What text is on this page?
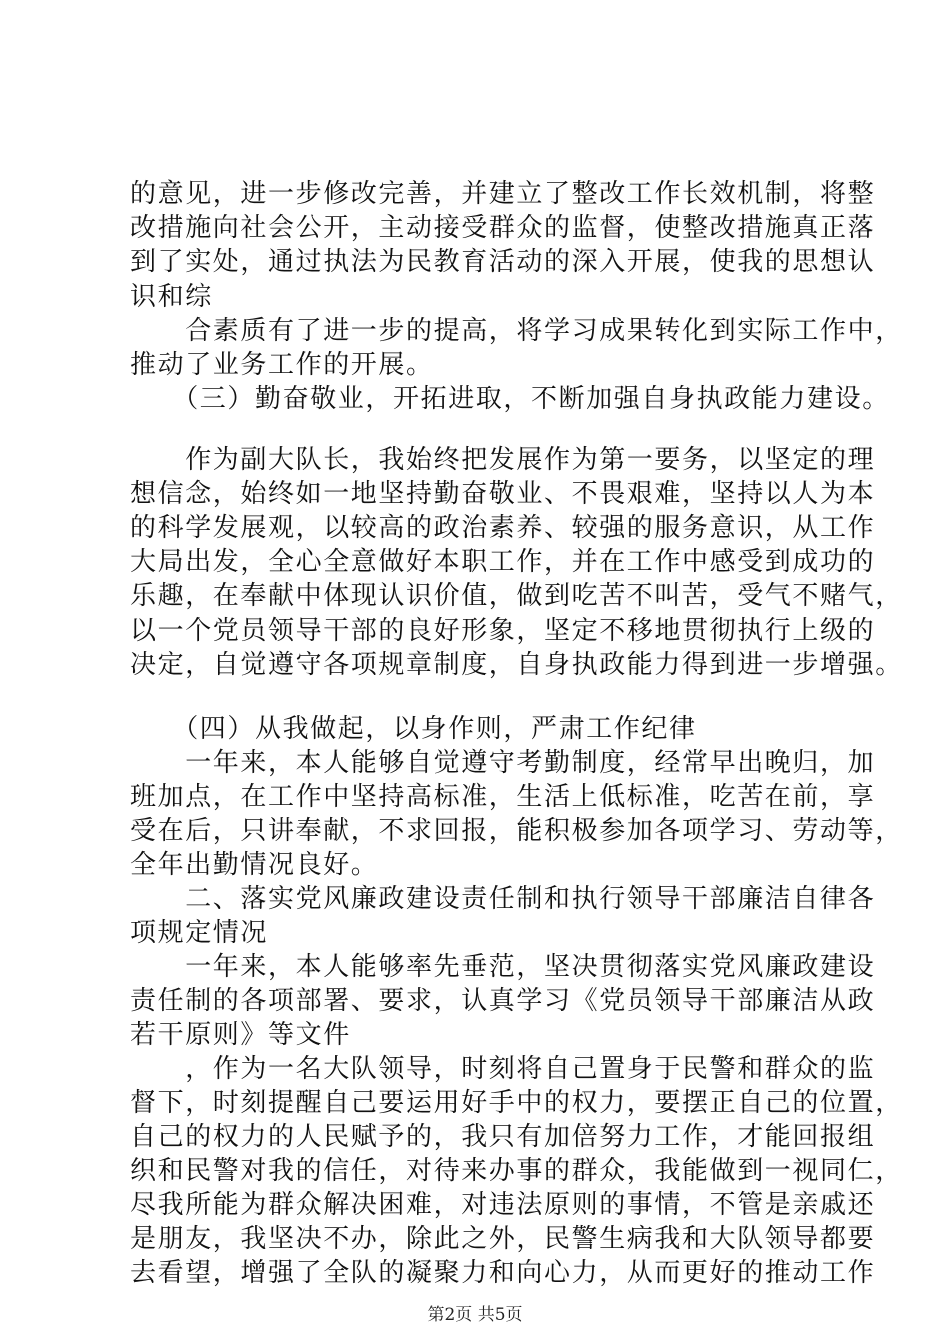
的意见，进一步修改完善，并建立了整改工作长效机制，将整
改措施向社会公开，主动接受群众的监督，使整改措施真正落
到了实处，通过执法为民教育活动的深入开展，使我的思想认
识和综
　　合素质有了进一步的提高，将学习成果转化到实际工作中，
推动了业务工作的开展。
　　（三）勤奋敬业，开拓进取，不断加强自身执政能力建设。
　　作为副大队长，我始终把发展作为第一要务，以坚定的理
想信念，始终如一地坚持勤奋敬业、不畏艰难，坚持以人为本
的科学发展观，以较高的政治素养、较强的服务意识，从工作
大局出发，全心全意做好本职工作，并在工作中感受到成功的
乐趣，在奉献中体现认识价值，做到吃苦不叫苦，受气不赌气，
以一个党员领导干部的良好形象，坚定不移地贯彻执行上级的
决定，自觉遵守各项规章制度，自身执政能力得到进一步增强。
　　（四）从我做起，以身作则，严肃工作纪律
　　一年来，本人能够自觉遵守考勤制度，经常早出晚归，加
班加点，在工作中坚持高标准，生活上低标准，吃苦在前，享
受在后，只讲奉献，不求回报，能积极参加各项学习、劳动等，
全年出勤情况良好。
　　二、落实党风廉政建设责任制和执行领导干部廉洁自律各
项规定情况
　　一年来，本人能够率先垂范，坚决贯彻落实党风廉政建设
责任制的各项部署、要求，认真学习《党员领导干部廉洁从政
若干原则》等文件
　　，作为一名大队领导，时刻将自己置身于民警和群众的监
督下，时刻提醒自己要运用好手中的权力，要摆正自己的位置，
自己的权力的人民赋予的，我只有加倍努力工作，才能回报组
织和民警对我的信任，对待来办事的群众，我能做到一视同仁，
尽我所能为群众解决困难，对违法原则的事情，不管是亲戚还
是朋友，我坚决不办，除此之外，民警生病我和大队领导都要
去看望，增强了全队的凝聚力和向心力，从而更好的推动工作
第2页 共5页
